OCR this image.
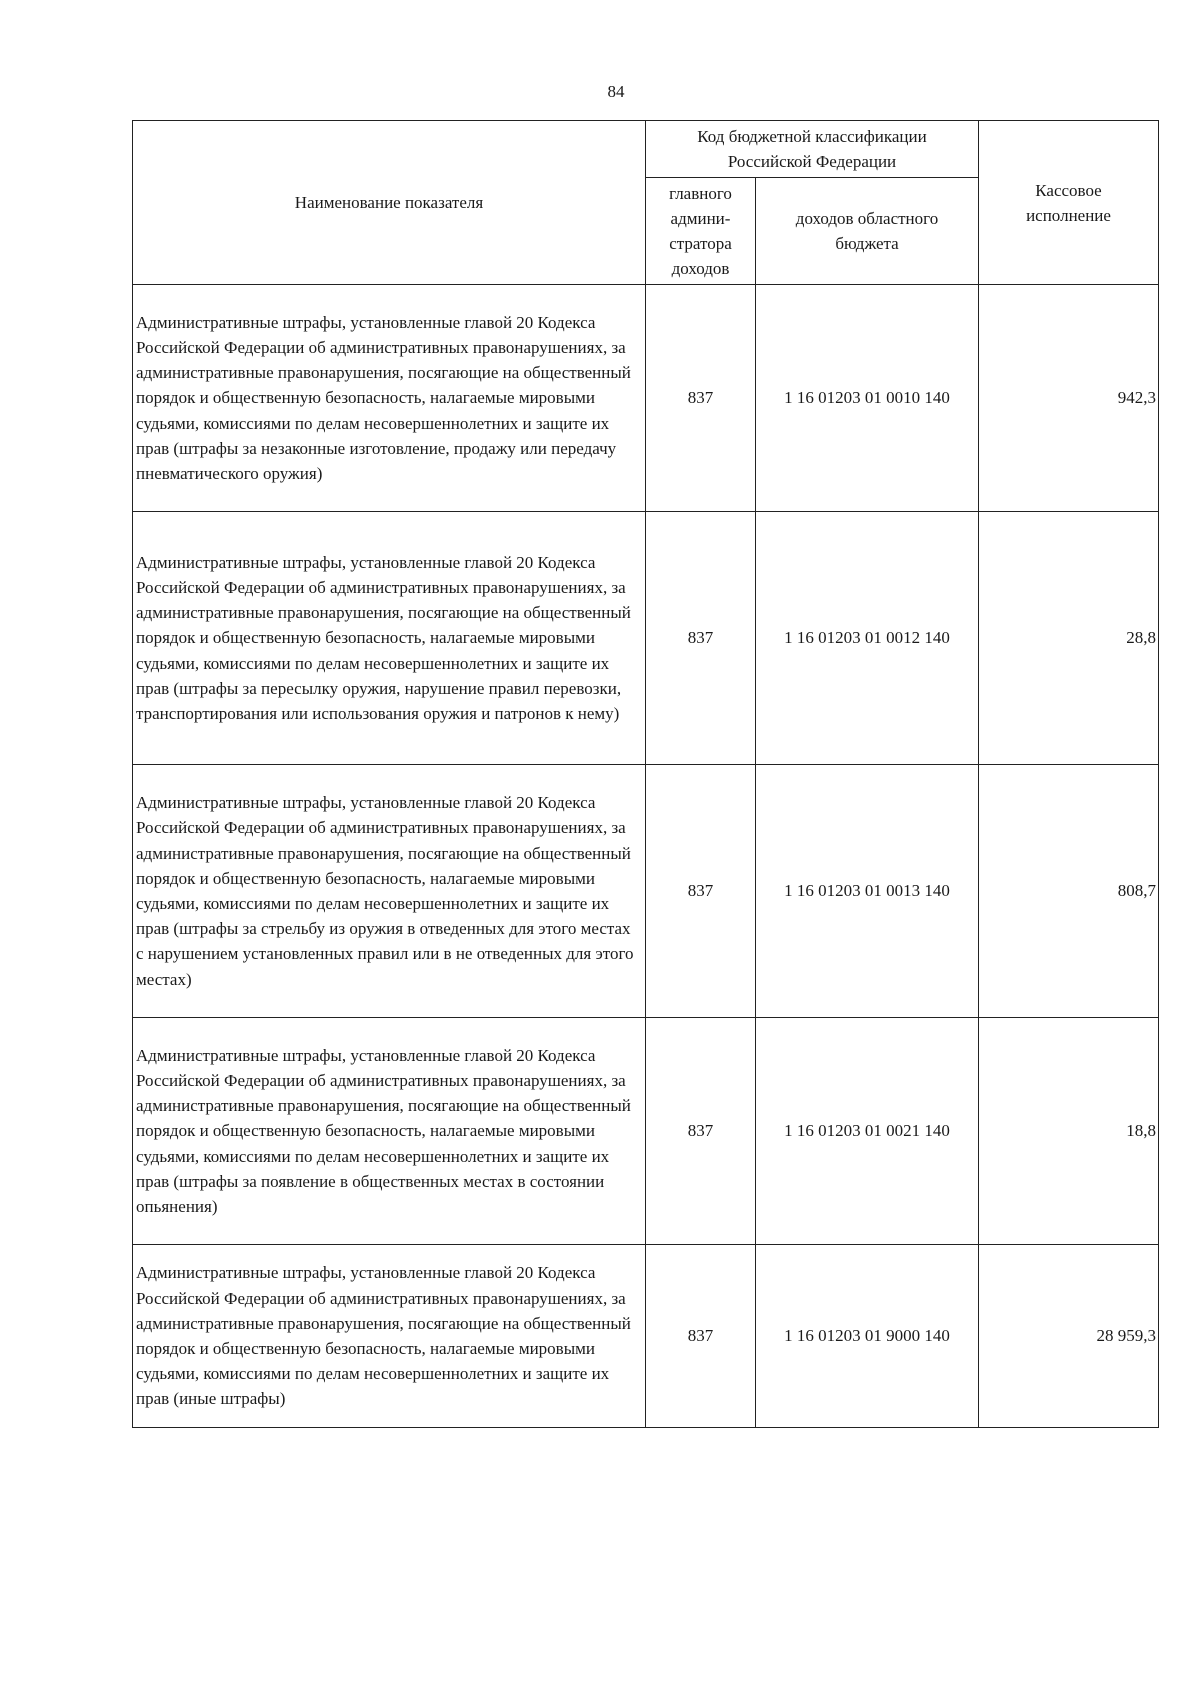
84
Наименование показателя	Код бюджетной классификации Российской Федерации		Кассовое исполнение
	главного админи- стратора доходов	доходов областного бюджета	
Административные штрафы, установленные главой 20 Кодекса Российской Федерации об административных правонарушениях, за административные правонарушения, посягающие на общественный порядок и общественную безопасность, налагаемые мировыми судьями, комиссиями по делам несовершеннолетних и защите их прав (штрафы за незаконные изготовление, продажу или передачу пневматического оружия)	837	1 16 01203 01 0010 140	942,3
Административные штрафы, установленные главой 20 Кодекса Российской Федерации об административных правонарушениях, за административные правонарушения, посягающие на общественный порядок и общественную безопасность, налагаемые мировыми судьями, комиссиями по делам несовершеннолетних и защите их прав (штрафы за пересылку оружия, нарушение правил перевозки, транспортирования или использования оружия и патронов к нему)	837	1 16 01203 01 0012 140	28,8
Административные штрафы, установленные главой 20 Кодекса Российской Федерации об административных правонарушениях, за административные правонарушения, посягающие на общественный порядок и общественную безопасность, налагаемые мировыми судьями, комиссиями по делам несовершеннолетних и защите их прав (штрафы за стрельбу из оружия в отведенных для этого местах с нарушением установленных правил или в не отведенных для этого местах)	837	1 16 01203 01 0013 140	808,7
Административные штрафы, установленные главой 20 Кодекса Российской Федерации об административных правонарушениях, за административные правонарушения, посягающие на общественный порядок и общественную безопасность, налагаемые мировыми судьями, комиссиями по делам несовершеннолетних и защите их прав (штрафы за появление в общественных местах в состоянии опьянения)	837	1 16 01203 01 0021 140	18,8
Административные штрафы, установленные главой 20 Кодекса Российской Федерации об административных правонарушениях, за административные правонарушения, посягающие на общественный порядок и общественную безопасность, налагаемые мировыми судьями, комиссиями по делам несовершеннолетних и защите их прав (иные штрафы)	837	1 16 01203 01 9000 140	28 959,3
